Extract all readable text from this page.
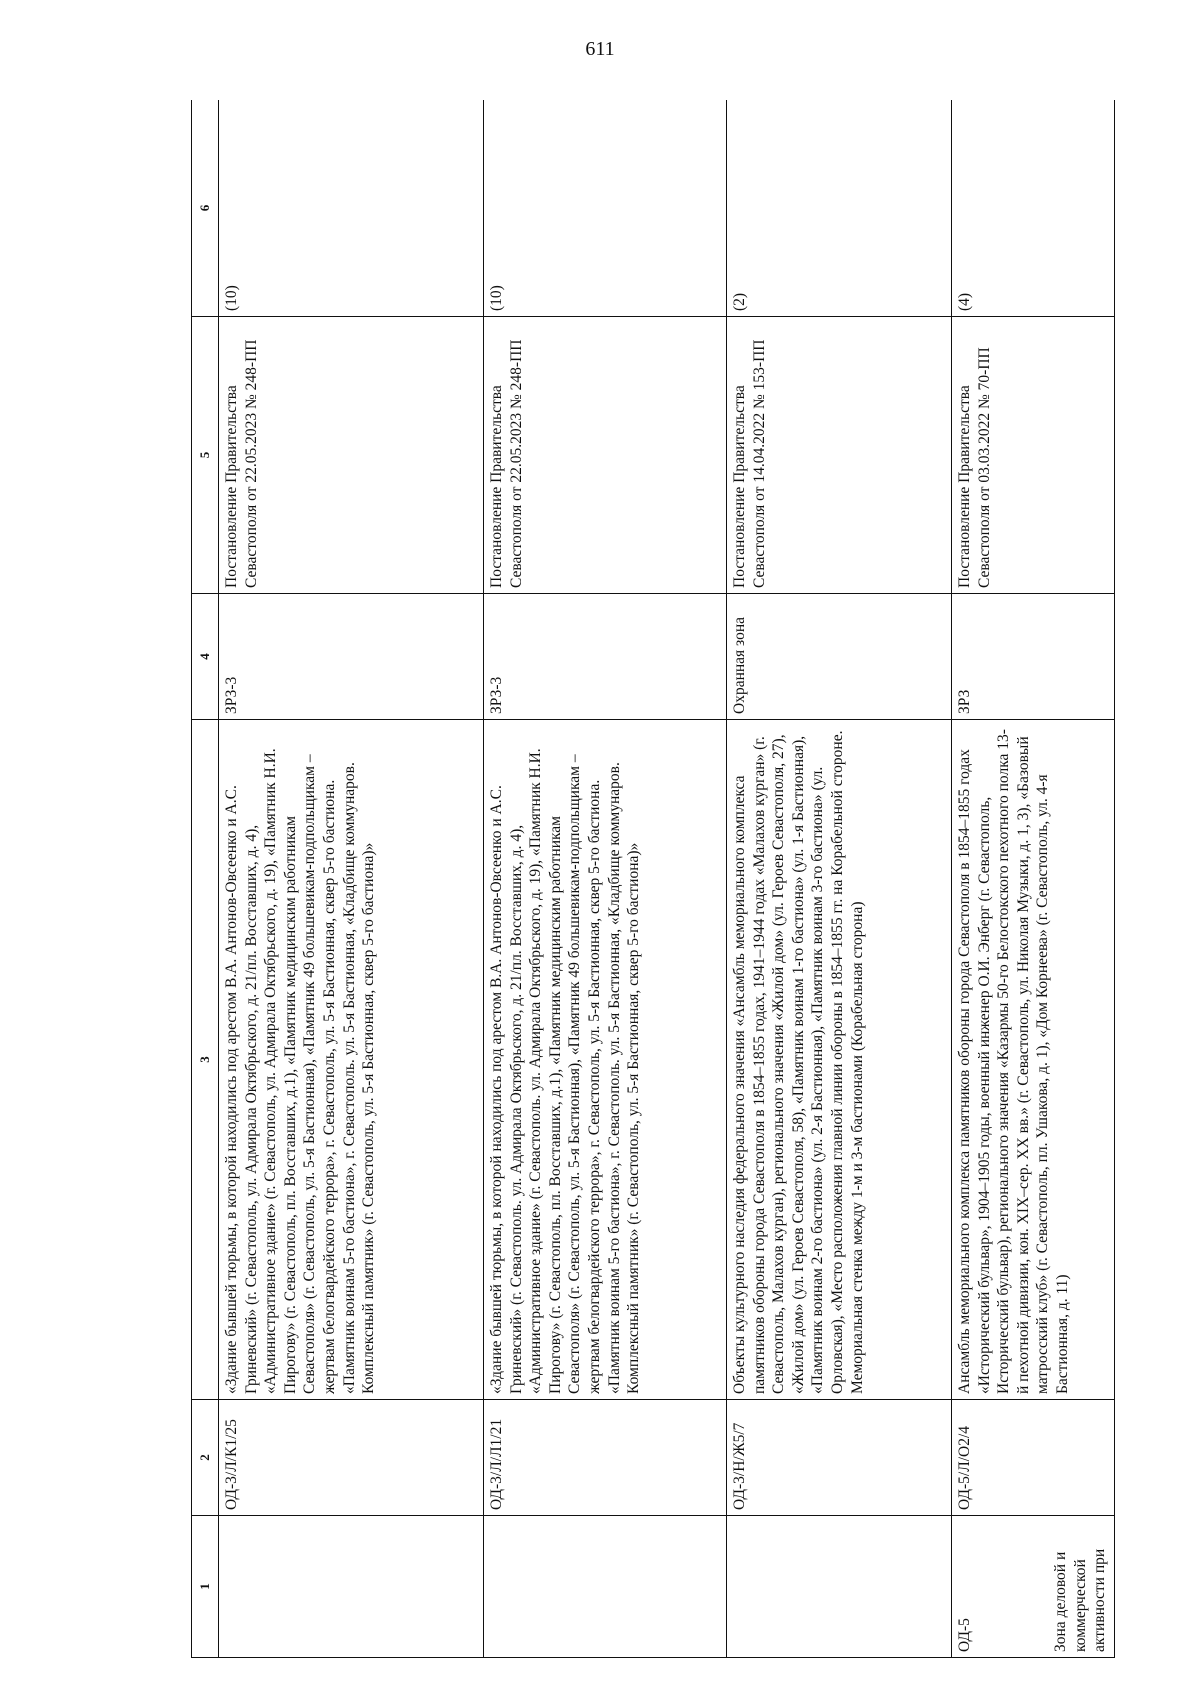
611
1	2	3	4	5	6

	ОД-3/Л/К1/25	«Здание бывшей тюрьмы, в которой находились под арестом В.А. Антонов-Овсеенко и А.С. Гриневский» (г. Севастополь, ул. Адмирала Октябрьского, д. 21/пл. Восставших, д. 4), «Административное здание» (г. Севастополь, ул. Адмирала Октябрьского, д. 19), «Памятник Н.И. Пирогову» (г. Севастополь, пл. Восставших, д.1), «Памятник медицинским работникам Севастополя» (г. Севастополь, ул. 5-я Бастионная), «Памятник 49 большевикам-подпольщикам – жертвам белогвардейского террора», г. Севастополь, ул. 5-я Бастионная, сквер 5-го бастиона. «Памятник воинам 5-го бастиона», г. Севастополь. ул. 5-я Бастионная, «Кладбище коммунаров. Комплексный памятник» (г. Севастополь, ул. 5-я Бастионная, сквер 5-го бастиона)»	ЗРЗ-3	Постановление Правительства Севастополя от 22.05.2023 № 248-ПП	(10)

	ОД-3/Л/Л1/21	«Здание бывшей тюрьмы, в которой находились под арестом В.А. Антонов-Овсеенко и А.С. Гриневский» (г. Севастополь. ул. Адмирала Октябрьского, д. 21/пл. Восставших, д. 4), «Административное здание» (г. Севастополь. ул. Адмирала Октябрьского, д. 19), «Памятник Н.И. Пирогову» (г. Севастополь, пл. Восставших, д.1), «Памятник медицинским работникам Севастополя» (г. Севастополь, ул. 5-я Бастионная), «Памятник 49 большевикам-подпольщикам – жертвам белогвардейского террора», г. Севастополь, ул. 5-я Бастионная, сквер 5-го бастиона. «Памятник воинам 5-го бастиона», г. Севастополь. ул. 5-я Бастионная, «Кладбище коммунаров. Комплексный памятник» (г. Севастополь, ул. 5-я Бастионная, сквер 5-го бастиона)»	ЗРЗ-3	Постановление Правительства Севастополя от 22.05.2023 № 248-ПП	(10)

	ОД-3/Н/Ж5/7	Объекты культурного наследия федерального значения «Ансамбль мемориального комплекса памятников обороны города Севастополя в 1854–1855 годах, 1941–1944 годах «Малахов курган» (г. Севастополь, Малахов курган), регионального значения «Жилой дом» (ул. Героев Севастополя, 27), «Жилой дом» (ул. Героев Севастополя, 58), «Памятник воинам 1-го бастиона» (ул. 1-я Бастионная), «Памятник воинам 2-го бастиона» (ул. 2-я Бастионная), «Памятник воинам 3-го бастиона» (ул. Орловская), «Место расположения главной линии обороны в 1854–1855 гг. на Корабельной стороне. Мемориальная стенка между 1-м и 3-м бастионами (Корабельная сторона)	Охранная зона	Постановление Правительства Севастополя от 14.04.2022 № 153-ПП	(2)

ОД-5 Зона деловой и коммерческой активности при	ОД-5/Л/О2/4	Ансамбль мемориального комплекса памятников обороны города Севастополя в 1854–1855 годах «Исторический бульвар», 1904–1905 годы, военный инженер О.И. Энберг (г. Севастополь, Исторический бульвар), регионального значения «Казармы 50-го Белостокского пехотного полка 13-й пехотной дивизии, кон. XIX–сер. XX вв.» (г. Севастополь, ул. Николая Музыки, д. 1, 3), «Базовый матросский клуб» (г. Севастополь, пл. Ушакова, д. 1), «Дом Корнеева» (г. Севастополь, ул. 4-я Бастионная, д. 11)	ЗРЗ	Постановление Правительства Севастополя от 03.03.2022 № 70-ПП	(4)
